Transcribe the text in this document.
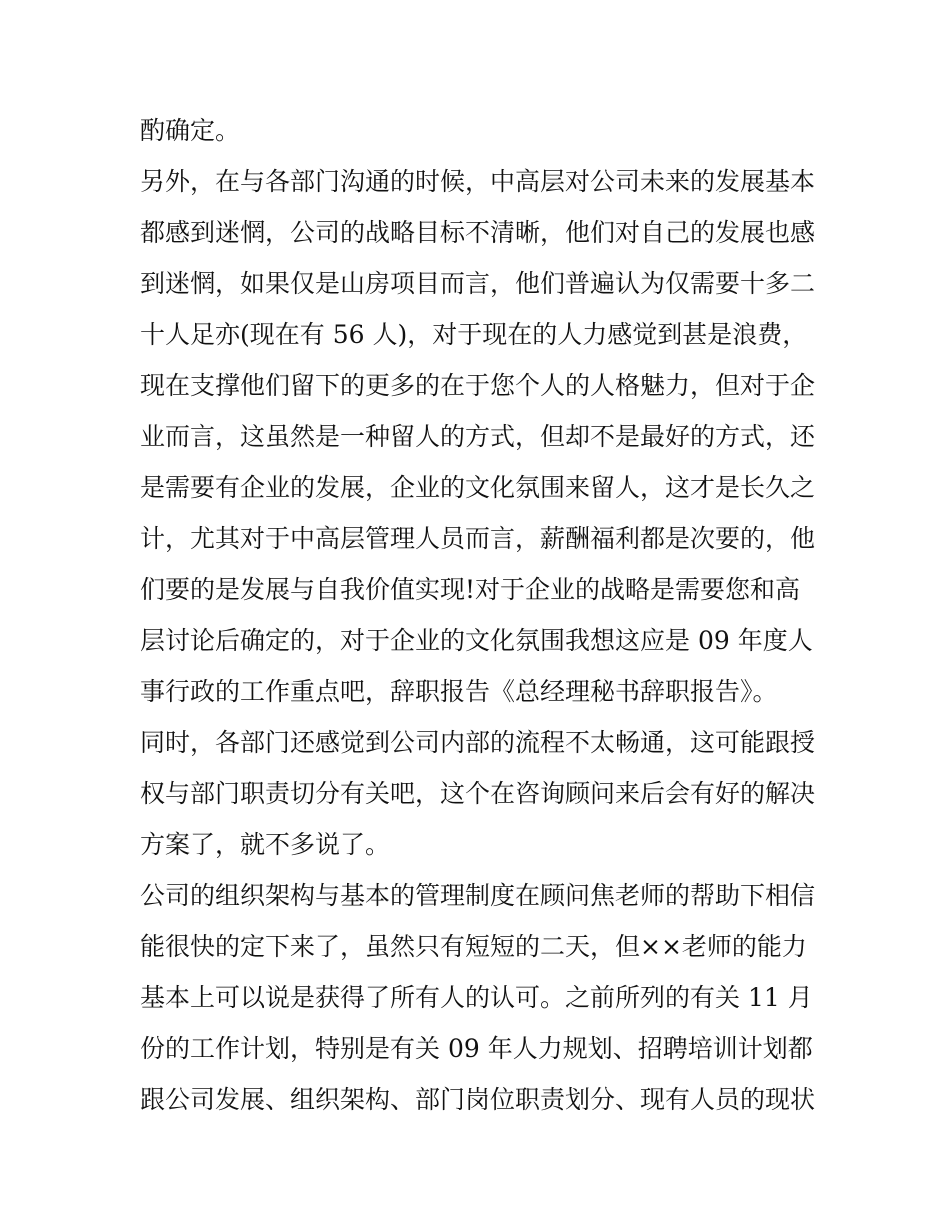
酌确定。
另外，在与各部门沟通的时候，中高层对公司未来的发展基本
都感到迷惘，公司的战略目标不清晰，他们对自己的发展也感
到迷惘，如果仅是山房项目而言，他们普遍认为仅需要十多二
十人足亦(现在有 56 人)，对于现在的人力感觉到甚是浪费，
现在支撑他们留下的更多的在于您个人的人格魅力，但对于企
业而言，这虽然是一种留人的方式，但却不是最好的方式，还
是需要有企业的发展，企业的文化氛围来留人，这才是长久之
计，尤其对于中高层管理人员而言，薪酬福利都是次要的，他
们要的是发展与自我价值实现!对于企业的战略是需要您和高
层讨论后确定的，对于企业的文化氛围我想这应是 09 年度人
事行政的工作重点吧，辞职报告《总经理秘书辞职报告》。
同时，各部门还感觉到公司内部的流程不太畅通，这可能跟授
权与部门职责切分有关吧，这个在咨询顾问来后会有好的解决
方案了，就不多说了。
公司的组织架构与基本的管理制度在顾问焦老师的帮助下相信
能很快的定下来了，虽然只有短短的二天，但××老师的能力
基本上可以说是获得了所有人的认可。之前所列的有关 11 月
份的工作计划，特别是有关 09 年人力规划、招聘培训计划都
跟公司发展、组织架构、部门岗位职责划分、现有人员的现状
